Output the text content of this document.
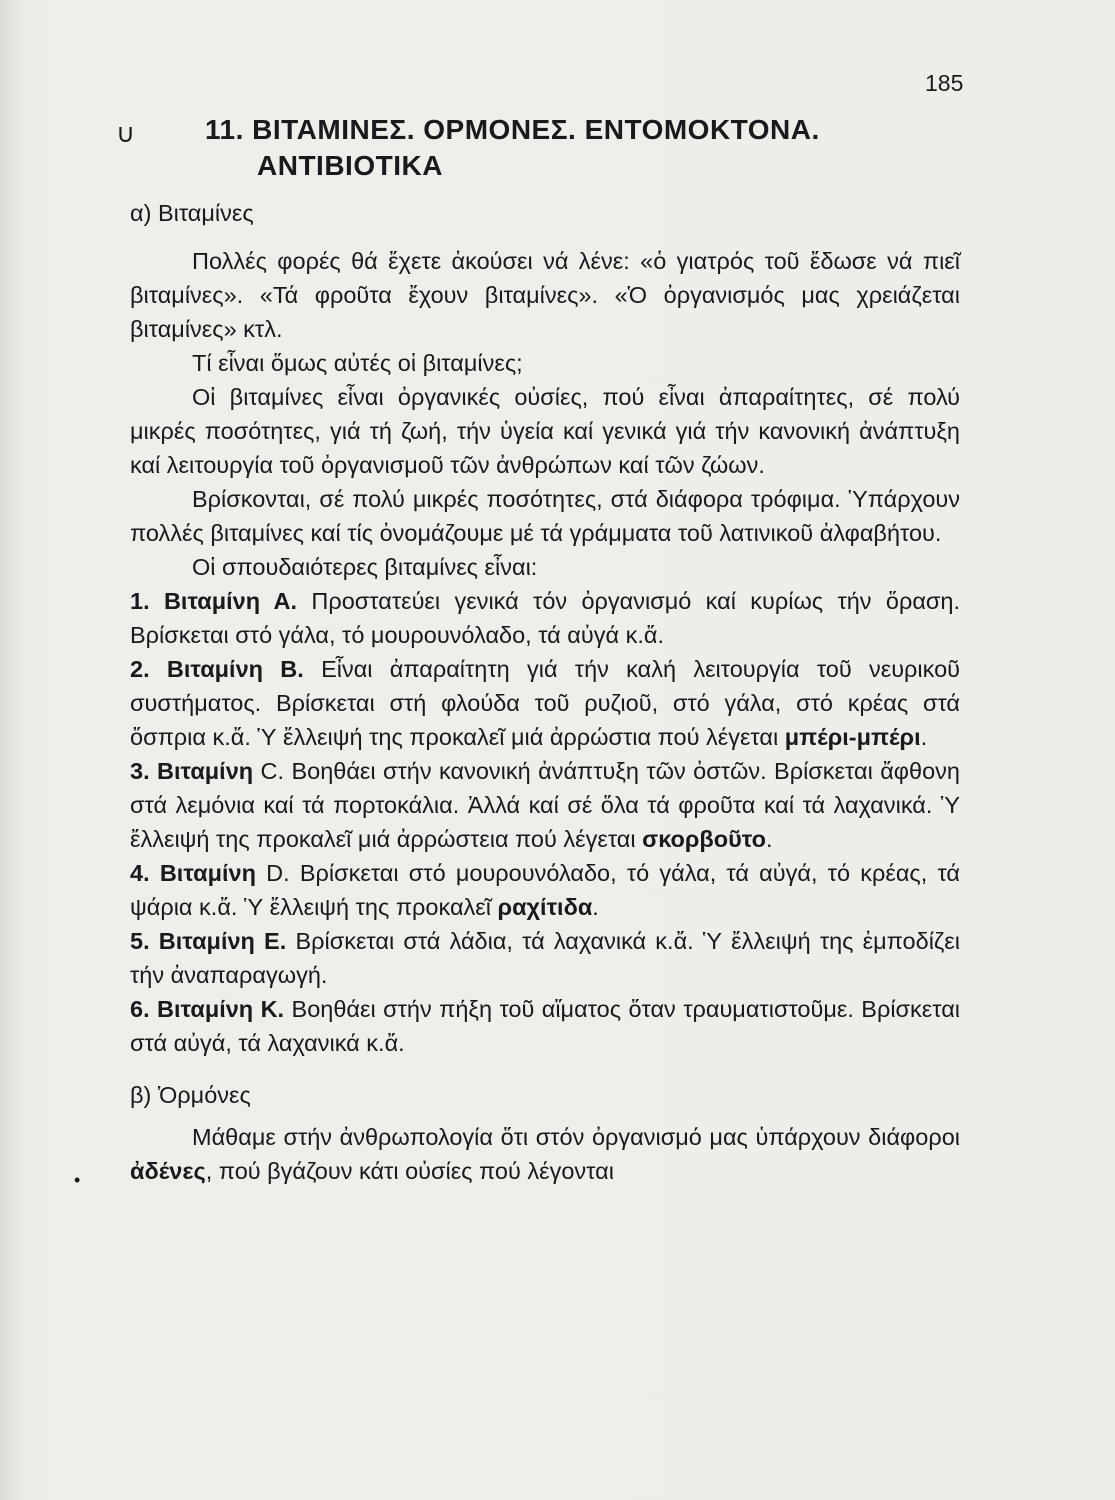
185
∪
•
11. ΒΙΤΑΜΙΝΕΣ. ΟΡΜΟΝΕΣ. ΕΝΤΟΜΟΚΤΟΝΑ.
ΑΝΤΙΒΙΟΤΙΚΑ
α) Βιταμίνες

Πολλές φορές θά ἔχετε ἀκούσει νά λένε: «ὁ γιατρός τοῦ ἔδωσε νά πιεῖ βιταμίνες». «Τά φροῦτα ἔχουν βιταμίνες». «Ὁ ὀργανισμός μας χρειάζεται βιταμίνες» κτλ.

Τί εἶναι ὅμως αὐτές οἱ βιταμίνες;

Οἱ βιταμίνες εἶναι ὀργανικές οὐσίες, πού εἶναι ἀπαραίτητες, σέ πολύ μικρές ποσότητες, γιά τή ζωή, τήν ὑγεία καί γενικά γιά τήν κανονική ἀνάπτυξη καί λειτουργία τοῦ ὀργανισμοῦ τῶν ἀνθρώπων καί τῶν ζώων.

Βρίσκονται, σέ πολύ μικρές ποσότητες, στά διάφορα τρόφιμα. Ὑπάρχουν πολλές βιταμίνες καί τίς ὀνομάζουμε μέ τά γράμματα τοῦ λατινικοῦ ἀλφαβήτου.

Οἱ σπουδαιότερες βιταμίνες εἶναι:

1. Βιταμίνη Α. Προστατεύει γενικά τόν ὀργανισμό καί κυρίως τήν ὅραση. Βρίσκεται στό γάλα, τό μουρουνόλαδο, τά αὐγά κ.ἄ.

2. Βιταμίνη Β. Εἶναι ἀπαραίτητη γιά τήν καλή λειτουργία τοῦ νευρικοῦ συστήματος. Βρίσκεται στή φλούδα τοῦ ρυζιοῦ, στό γάλα, στό κρέας στά ὄσπρια κ.ἄ. Ὑ ἔλλειψή της προκαλεῖ μιά ἀρρώστια πού λέγεται μπέρι-μπέρι.

3. Βιταμίνη C. Βοηθάει στήν κανονική ἀνάπτυξη τῶν ὀστῶν. Βρίσκεται ἄφθονη στά λεμόνια καί τά πορτοκάλια. Ἀλλά καί σέ ὅλα τά φροῦτα καί τά λαχανικά. Ὑ ἔλλειψή της προκαλεῖ μιά ἀρρώστεια πού λέγεται σκορβοῦτο.

4. Βιταμίνη D. Βρίσκεται στό μουρουνόλαδο, τό γάλα, τά αὐγά, τό κρέας, τά ψάρια κ.ἄ. Ὑ ἔλλειψή της προκαλεῖ ραχίτιδα.

5. Βιταμίνη Ε. Βρίσκεται στά λάδια, τά λαχανικά κ.ἄ. Ὑ ἔλλειψή της ἐμποδίζει τήν ἀναπαραγωγή.

6. Βιταμίνη Κ. Βοηθάει στήν πήξη τοῦ αἵματος ὅταν τραυματιστοῦμε. Βρίσκεται στά αὐγά, τά λαχανικά κ.ἄ.

β) Ὁρμόνες

Μάθαμε στήν ἀνθρωπολογία ὅτι στόν ὀργανισμό μας ὑπάρχουν διάφοροι ἀδένες, πού βγάζουν κάτι οὐσίες πού λέγονται
